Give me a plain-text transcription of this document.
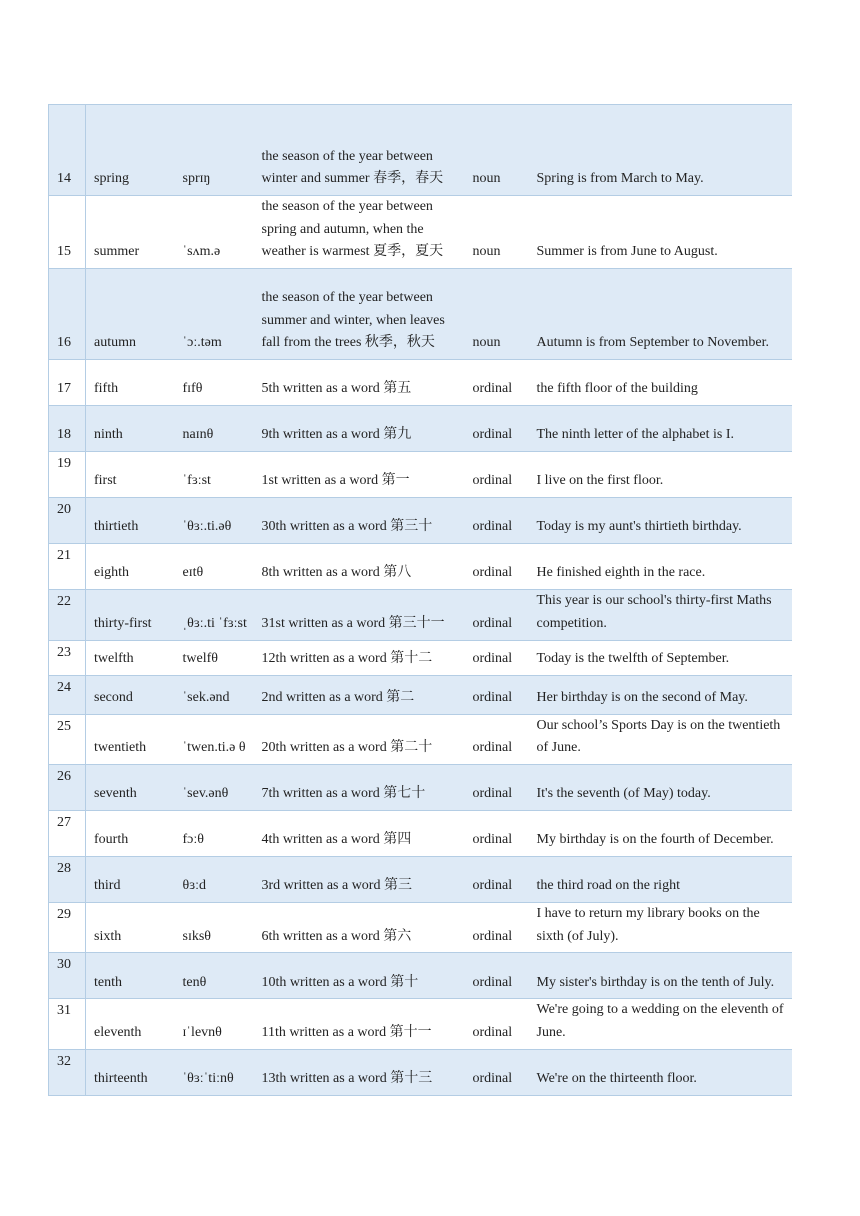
14	spring	sprɪŋ	the season of the year between winter and summer 春季，春天	noun	Spring is from March to May.
15	summer	ˈsʌm.ə	the season of the year between spring and autumn, when the weather is warmest 夏季，夏天	noun	Summer is from June to August.
16	autumn	ˈɔː.təm	the season of the year between summer and winter, when leaves fall from the trees 秋季，秋天	noun	Autumn is from September to November.
17	fifth	fɪfθ	5th written as a word 第五	ordinal	the fifth floor of the building
18	ninth	naɪnθ	9th written as a word 第九	ordinal	The ninth letter of the alphabet is I.
19	first	ˈfɜːst	1st written as a word 第一	ordinal	I live on the first floor.
20	thirtieth	ˈθɜː.ti.əθ	30th written as a word 第三十	ordinal	Today is my aunt's thirtieth birthday.
21	eighth	eɪtθ	8th written as a word 第八	ordinal	He finished eighth in the race.
22	thirty-first	ˌθɜː.ti ˈfɜːst	31st written as a word 第三十一	ordinal	This year is our school's thirty-first Maths competition.
23	twelfth	twelfθ	12th written as a word 第十二	ordinal	Today is the twelfth of September.
24	second	ˈsek.ənd	2nd written as a word 第二	ordinal	Her birthday is on the second of May.
25	twentieth	ˈtwen.ti.ə θ	20th written as a word 第二十	ordinal	Our school’s Sports Day is on the twentieth of June.
26	seventh	ˈsev.ənθ	7th written as a word 第七十	ordinal	It's the seventh (of May) today.
27	fourth	fɔːθ	4th written as a word 第四	ordinal	My birthday is on the fourth of December.
28	third	θɜːd	3rd written as a word 第三	ordinal	the third road on the right
29	sixth	sɪksθ	6th written as a word 第六	ordinal	I have to return my library books on the sixth (of July).
30	tenth	tenθ	10th written as a word 第十	ordinal	My sister's birthday is on the tenth of July.
31	eleventh	ɪˈlevnθ	11th written as a word 第十一	ordinal	We're going to a wedding on the eleventh of June.
32	thirteenth	ˈθɜːˈtiːnθ	13th written as a word 第十三	ordinal	We're on the thirteenth floor.
